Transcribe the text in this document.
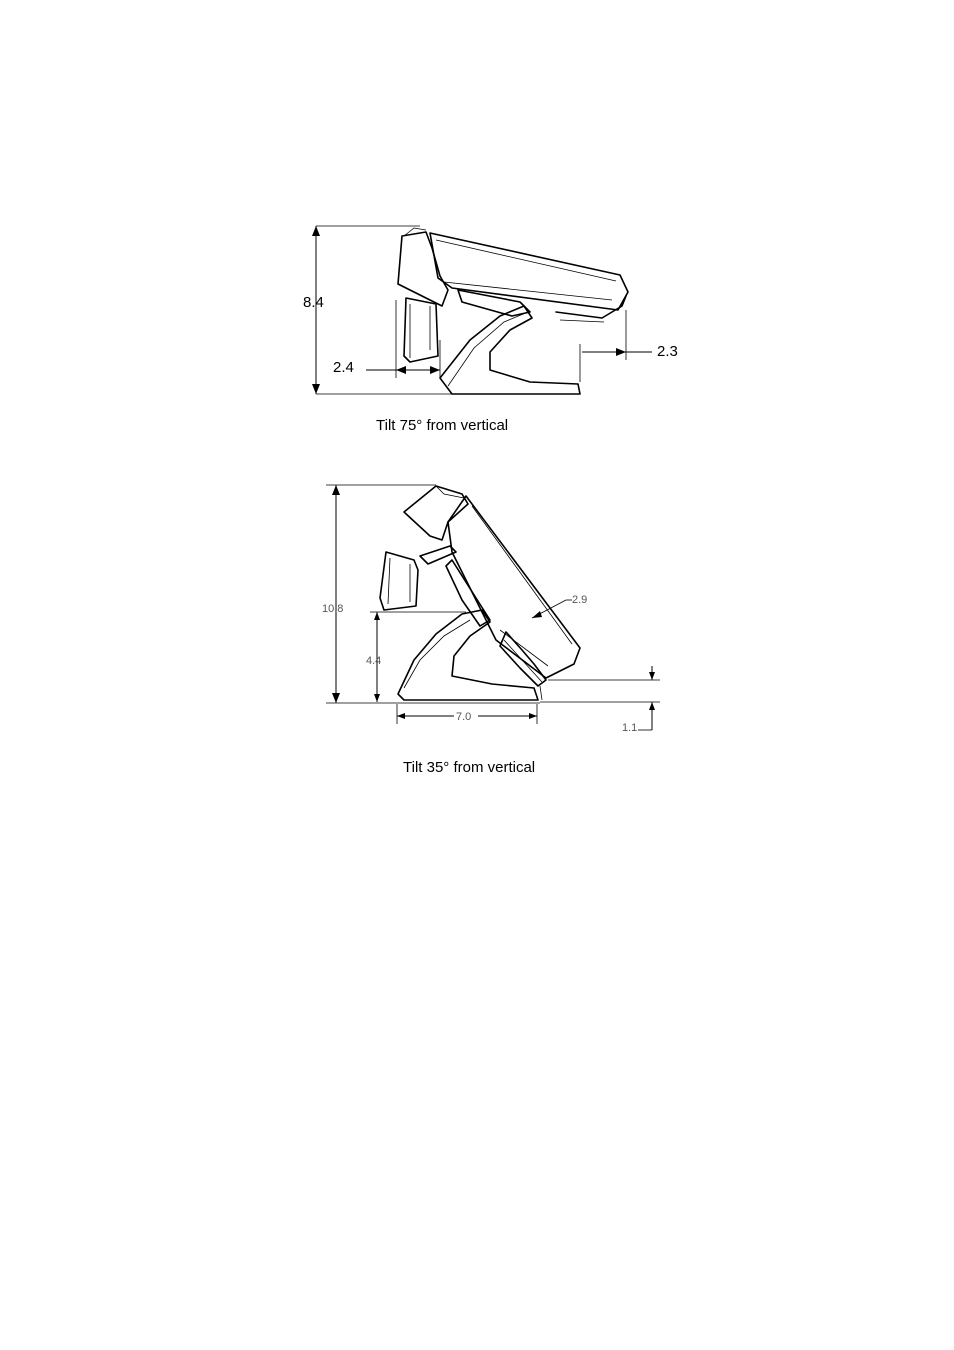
8.4
2.4
2.3
Tilt 75° from vertical
10.8
4.4
2.9
7.0
1.1
Tilt 35° from vertical
